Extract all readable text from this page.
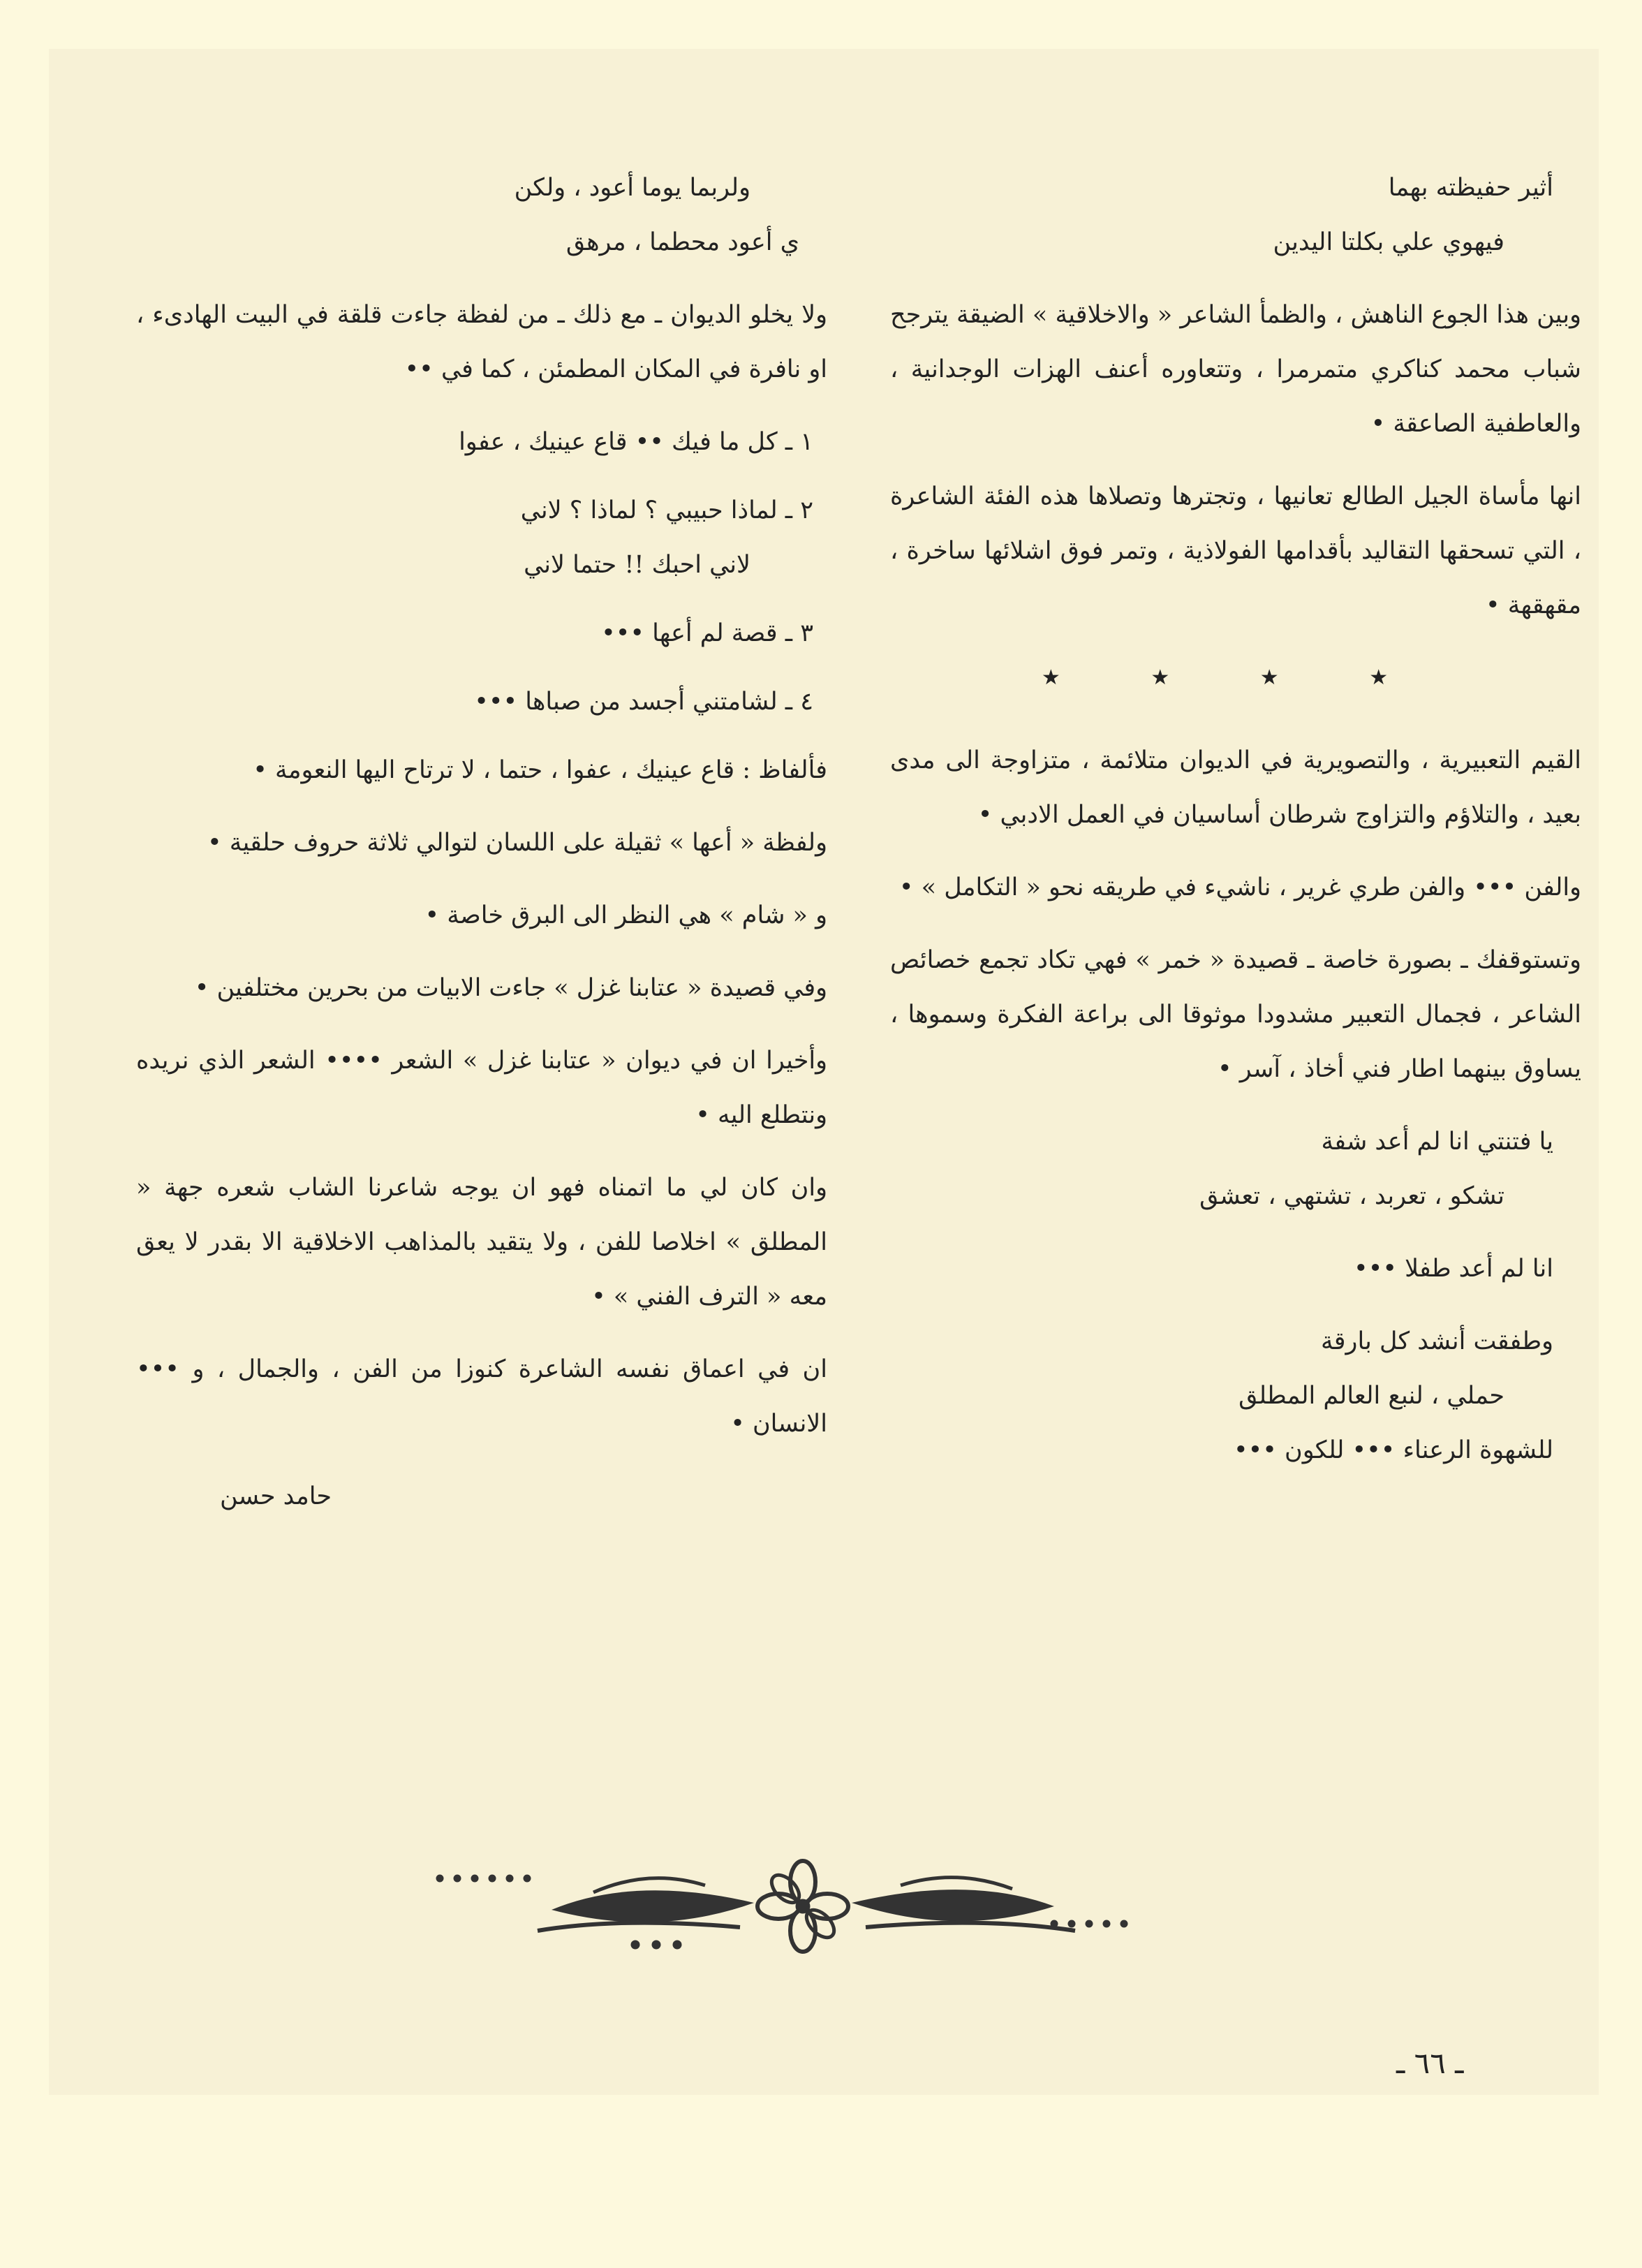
أثير حفيظته بهما
فيهوي علي بكلتا اليدين

وبين هذا الجوع الناهش ، والظمأ الشاعر « والاخلاقية » الضيقة يترجح شباب محمد كناكري متمرمرا ، وتتعاوره أعنف الهزات الوجدانية ، والعاطفية الصاعقة •

انها مأساة الجيل الطالع تعانيها ، وتجترها وتصلاها هذه الفئة الشاعرة ، التي تسحقها التقاليد بأقدامها الفولاذية ، وتمر فوق اشلائها ساخرة ، مقهقهة •

★ ★ ★ ★

القيم التعبيرية ، والتصويرية في الديوان متلائمة ، متزاوجة الى مدى بعيد ، والتلاؤم والتزاوج شرطان أساسيان في العمل الادبي •

والفن ••• والفن طري غرير ، ناشيء في طريقه نحو « التكامل » •

وتستوقفك ـ بصورة خاصة ـ قصيدة « خمر » فهي تكاد تجمع خصائص الشاعر ، فجمال التعبير مشدودا موثوقا الى براعة الفكرة وسموها ، يساوق بينهما اطار فني أخاذ ، آسر •

يا فتنتي انا لم أعد شفة
تشكو ، تعربد ، تشتهي ، تعشق
انا لم أعد طفلا •••
وطفقت أنشد كل بارقة
حملي ، لنبع العالم المطلق
للشهوة الرعناء ••• للكون •••
ولربما يوما أعود ، ولكن
ي أعود محطما ، مرهق

ولا يخلو الديوان ـ مع ذلك ـ من لفظة جاءت قلقة في البيت الهادىء ، او نافرة في المكان المطمئن ، كما في ••

١ ـ كل ما فيك •• قاع عينيك ، عفوا
٢ ـ لماذا حبيبي ؟ لماذا ؟ لاني
لاني احبك !! حتما لاني
٣ ـ قصة لم أعها •••
٤ ـ لشامتني أجسد من صباها •••

فألفاظ : قاع عينيك ، عفوا ، حتما ، لا ترتاح اليها النعومة •

ولفظة « أعها » ثقيلة على اللسان لتوالي ثلاثة حروف حلقية •

و « شام » هي النظر الى البرق خاصة •

وفي قصيدة « عتابنا غزل » جاءت الابيات من بحرين مختلفين •

وأخيرا ان في ديوان « عتابنا غزل » الشعر •••• الشعر الذي نريده ونتطلع اليه •

وان كان لي ما اتمناه فهو ان يوجه شاعرنا الشاب شعره جهة « المطلق » اخلاصا للفن ، ولا يتقيد بالمذاهب الاخلاقية الا بقدر لا يعق معه « الترف الفني » •

ان في اعماق نفسه الشاعرة كنوزا من الفن ، والجمال ، و ••• الانسان •

حامد حسن
ـ ٦٦ ـ
